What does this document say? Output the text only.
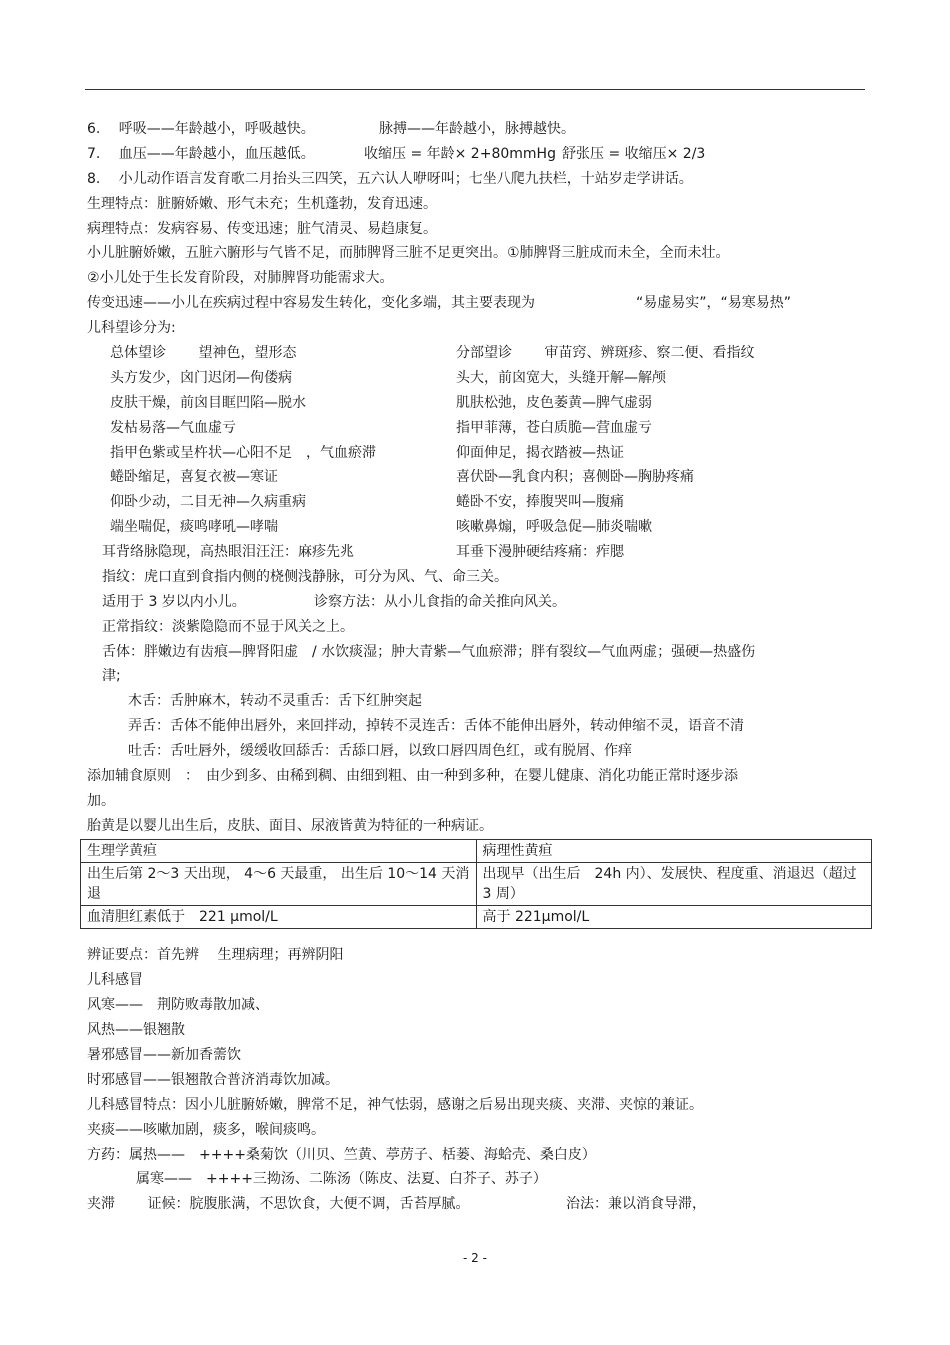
6.　 呼吸——年龄越小，呼吸越快。	脉搏——年龄越小，脉搏越快。
7.　 血压——年龄越小，血压越低。	收缩压 = 年龄× 2+80mmHg 舒张压 = 收缩压× 2/3
8.　 小儿动作语言发育歌二月抬头三四笑，五六认人咿呀叫；七坐八爬九扶栏，十站岁走学讲话。
生理特点：脏腑娇嫩、形气未充；生机蓬勃，发育迅速。
病理特点：发病容易、传变迅速；脏气清灵、易趋康复。
小儿脏腑娇嫩，五脏六腑形与气皆不足，而肺脾肾三脏不足更突出。①肺脾肾三脏成而未全，全而未壮。
②小儿处于生长发育阶段，对肺脾肾功能需求大。
传变迅速——小儿在疾病过程中容易发生转化，变化多端，其主要表现为	“易虚易实”，“易寒易热”
儿科望诊分为:
总体望诊　　 望神色，望形态	分部望诊　　 审苗窍、辨斑疹、察二便、看指纹
头方发少，囟门迟闭—佝偻病	头大，前囟宽大，头缝开解—解颅
皮肤干燥，前囟目眶凹陷—脱水	肌肤松弛，皮色萎黄—脾气虚弱
发枯易落—气血虚亏	指甲菲薄，苍白质脆—营血虚亏
指甲色紫或呈杵状—心阳不足　，气血瘀滞	仰面伸足，揭衣踏被—热证
蜷卧缩足，喜复衣被—寒证	喜伏卧—乳食内积；喜侧卧—胸胁疼痛
仰卧少动，二目无神—久病重病	蜷卧不安，捧腹哭叫—腹痛
端坐喘促，痰鸣哮吼—哮喘	咳嗽鼻煽，呼吸急促—肺炎喘嗽
耳背络脉隐现，高热眼泪汪汪：麻疹先兆	耳垂下漫肿硬结疼痛：痄腮
指纹：虎口直到食指内侧的桡侧浅静脉，可分为风、气、命三关。
适用于 3 岁以内小儿。	诊察方法：从小儿食指的命关推向风关。
正常指纹：淡紫隐隐而不显于风关之上。
舌体：胖嫩边有齿痕—脾肾阳虚　/ 水饮痰湿；肿大青紫—气血瘀滞；胖有裂纹—气血两虚；强硬—热盛伤
津;
木舌：舌肿麻木，转动不灵重舌：舌下红肿突起
弄舌：舌体不能伸出唇外，来回拌动，掉转不灵连舌：舌体不能伸出唇外，转动伸缩不灵，语音不清
吐舌：舌吐唇外，缓缓收回舔舌：舌舔口唇，以致口唇四周色红，或有脱屑、作痒
添加辅食原则　：　由少到多、由稀到稠、由细到粗、由一种到多种，在婴儿健康、消化功能正常时逐步添
加。
胎黄是以婴儿出生后，皮肤、面目、尿液皆黄为特征的一种病证。
生理学黄疸	病理性黄疸
出生后第 2～3 天出现， 4～6 天最重， 出生后 10～14 天消退	出现早（出生后　24h 内）、发展快、程度重、消退迟（超过 3 周）
血清胆红素低于　221 μmol/L	高于 221μmol/L
辨证要点：首先辨　 生理病理；再辨阴阳
儿科感冒
风寒——　荆防败毒散加减、
风热——银翘散
暑邪感冒——新加香薷饮
时邪感冒——银翘散合普济消毒饮加减。
儿科感冒特点：因小儿脏腑娇嫩，脾常不足，神气怯弱，感谢之后易出现夹痰、夹滞、夹惊的兼证。
夹痰——咳嗽加剧，痰多，喉间痰鸣。
方药：属热——　++++桑菊饮（川贝、竺黄、葶苈子、栝蒌、海蛤壳、桑白皮）
属寒——　++++三拗汤、二陈汤（陈皮、法夏、白芥子、苏子）
夹滞　　 证候：脘腹胀满，不思饮食，大便不调，舌苔厚腻。	治法：兼以消食导滞，
- 2 -
